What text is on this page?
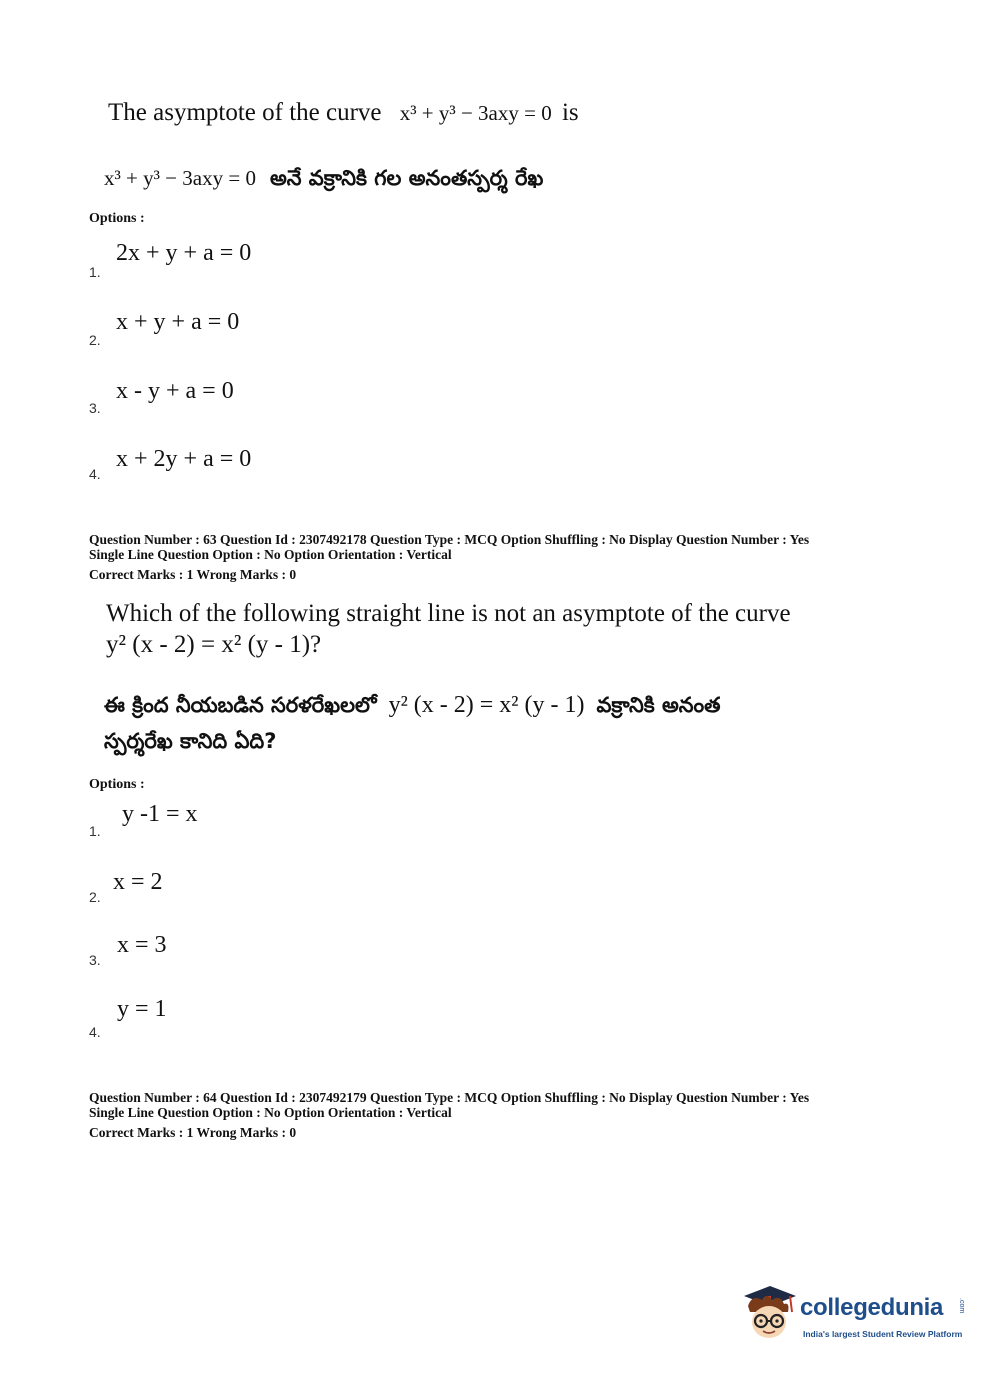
The asymptote of the curve x³ + y³ − 3axy = 0 is
x³ + y³ − 3axy = 0 అనే వక్రానికి గల అనంతస్పర్శ రేఖ
Options :
1.
2x + y + a = 0
2.
x + y + a = 0
3.
x - y + a = 0
4.
x + 2y + a = 0
Question Number : 63 Question Id : 2307492178 Question Type : MCQ Option Shuffling : No Display Question Number : Yes
Single Line Question Option : No Option Orientation : Vertical
Correct Marks : 1 Wrong Marks : 0
Which of the following straight line is not an asymptote of the curve
y² (x - 2) = x² (y - 1)?
ఈ క్రింద నీయబడిన సరళరేఖలలో y² (x - 2) = x² (y - 1) వక్రానికి అనంత
స్పర్శరేఖ కానిది ఏది?
Options :
1.
y -1 = x
2.
x = 2
3.
x = 3
4.
y = 1
Question Number : 64 Question Id : 2307492179 Question Type : MCQ Option Shuffling : No Display Question Number : Yes
Single Line Question Option : No Option Orientation : Vertical
Correct Marks : 1 Wrong Marks : 0
collegedunia .com
India's largest Student Review Platform
